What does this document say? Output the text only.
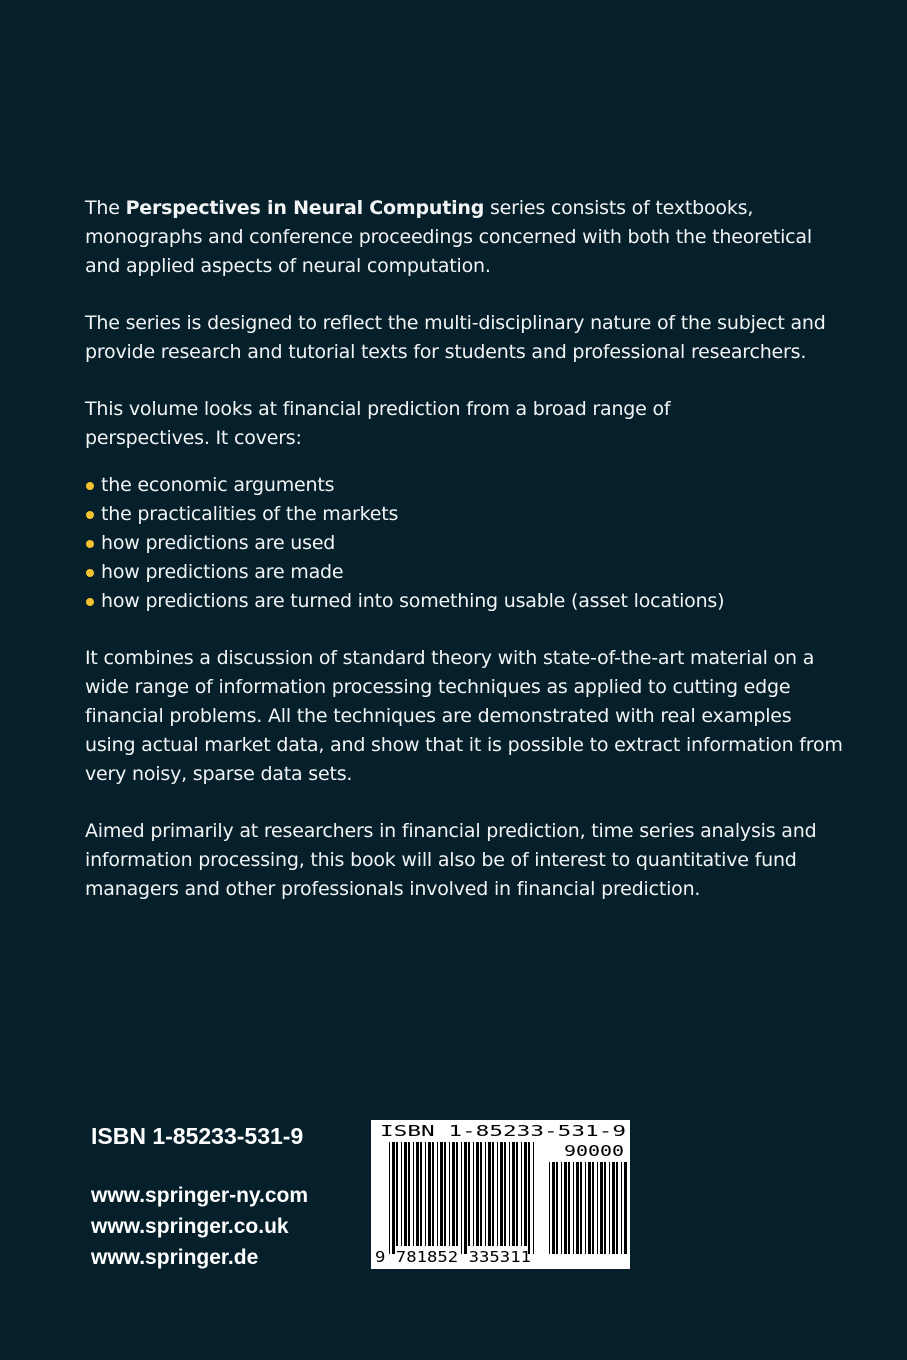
The Perspectives in Neural Computing series consists of textbooks, monographs and conference proceedings concerned with both the theoretical and applied aspects of neural computation.

The series is designed to reflect the multi-disciplinary nature of the subject and provide research and tutorial texts for students and professional researchers.

This volume looks at financial prediction from a broad range of perspectives. It covers:

the economic arguments
the practicalities of the markets
how predictions are used
how predictions are made
how predictions are turned into something usable (asset locations)

It combines a discussion of standard theory with state-of-the-art material on a wide range of information processing techniques as applied to cutting edge financial problems. All the techniques are demonstrated with real examples using actual market data, and show that it is possible to extract information from very noisy, sparse data sets.

Aimed primarily at researchers in financial prediction, time series analysis and information processing, this book will also be of interest to quantitative fund managers and other professionals involved in financial prediction.

ISBN 1-85233-531-9
www.springer-ny.com
www.springer.co.uk
www.springer.de
ISBN 1-85233-531-9
90000
9 781852 335311
